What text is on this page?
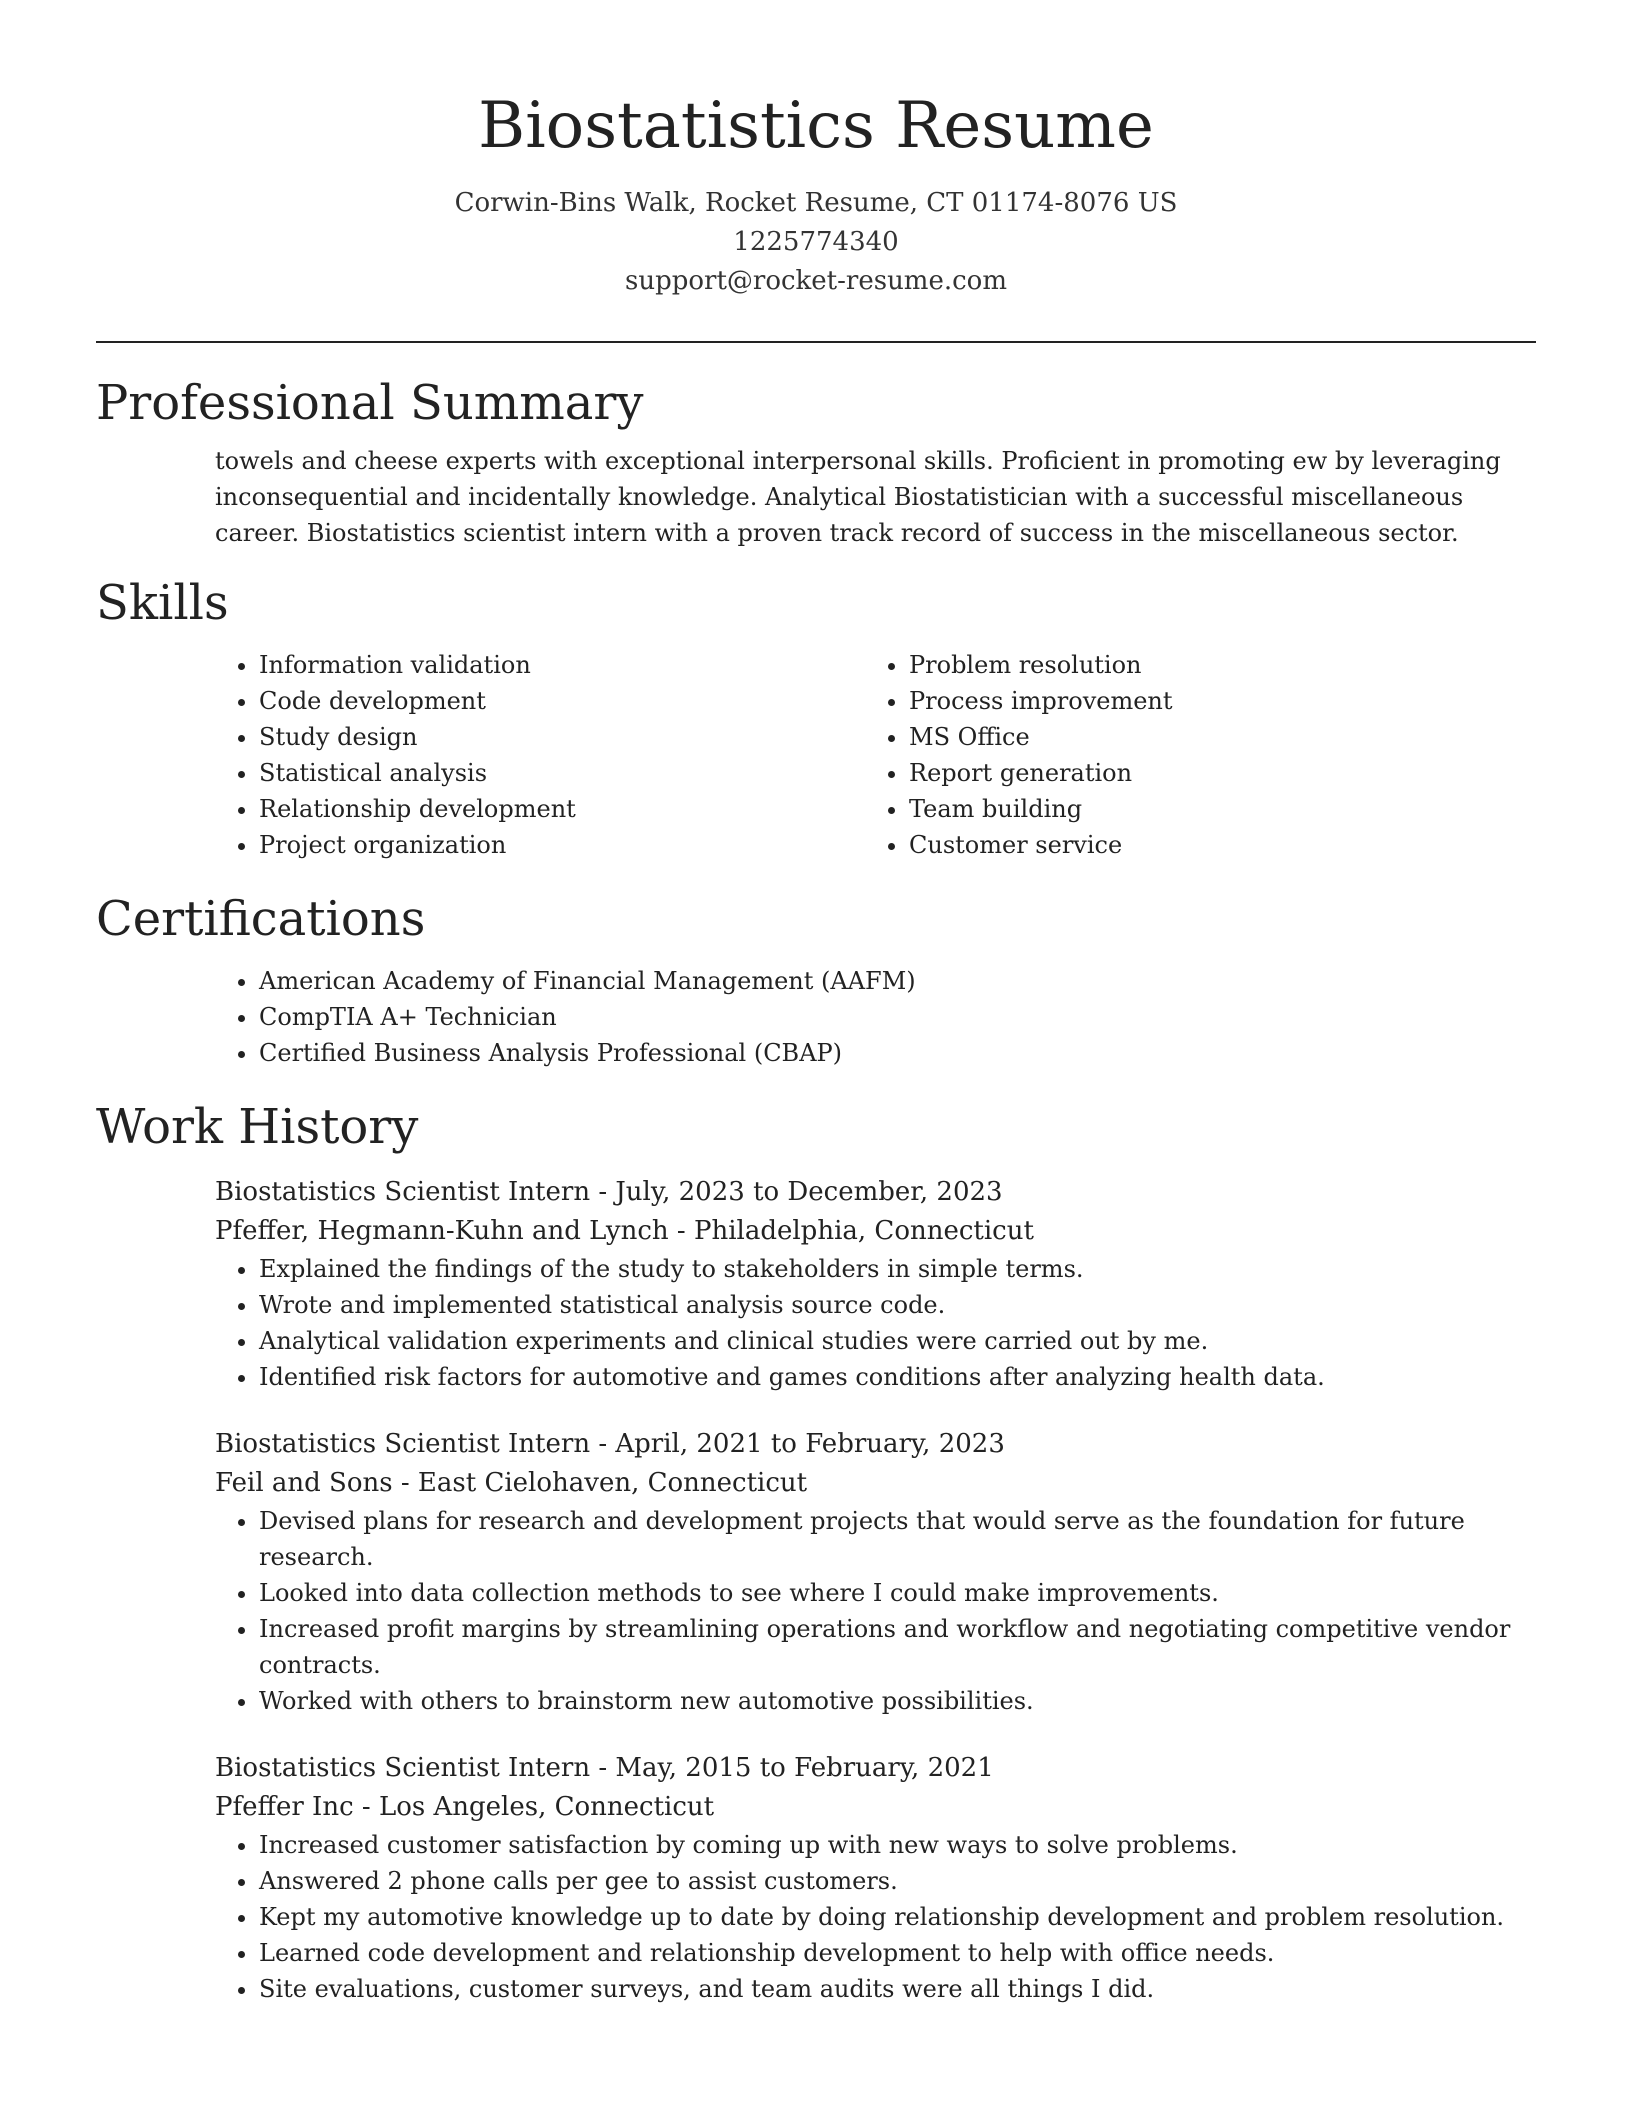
Biostatistics Resume
Corwin-Bins Walk, Rocket Resume, CT 01174-8076 US
1225774340
support@rocket-resume.com
Professional Summary

towels and cheese experts with exceptional interpersonal skills. Proficient in promoting ew by leveraging inconsequential and incidentally knowledge. Analytical Biostatistician with a successful miscellaneous career. Biostatistics scientist intern with a proven track record of success in the miscellaneous sector.

Skills
• Information validation
• Code development
• Study design
• Statistical analysis
• Relationship development
• Project organization
• Problem resolution
• Process improvement
• MS Office
• Report generation
• Team building
• Customer service
Certifications
• American Academy of Financial Management (AAFM)
• CompTIA A+ Technician
• Certified Business Analysis Professional (CBAP)
Work History
Biostatistics Scientist Intern - July, 2023 to December, 2023
Pfeffer, Hegmann-Kuhn and Lynch - Philadelphia, Connecticut
• Explained the findings of the study to stakeholders in simple terms.
• Wrote and implemented statistical analysis source code.
• Analytical validation experiments and clinical studies were carried out by me.
• Identified risk factors for automotive and games conditions after analyzing health data.
Biostatistics Scientist Intern - April, 2021 to February, 2023
Feil and Sons - East Cielohaven, Connecticut
• Devised plans for research and development projects that would serve as the foundation for future research.
• Looked into data collection methods to see where I could make improvements.
• Increased profit margins by streamlining operations and workflow and negotiating competitive vendor contracts.
• Worked with others to brainstorm new automotive possibilities.
Biostatistics Scientist Intern - May, 2015 to February, 2021
Pfeffer Inc - Los Angeles, Connecticut
• Increased customer satisfaction by coming up with new ways to solve problems.
• Answered 2 phone calls per gee to assist customers.
• Kept my automotive knowledge up to date by doing relationship development and problem resolution.
• Learned code development and relationship development to help with office needs.
• Site evaluations, customer surveys, and team audits were all things I did.
